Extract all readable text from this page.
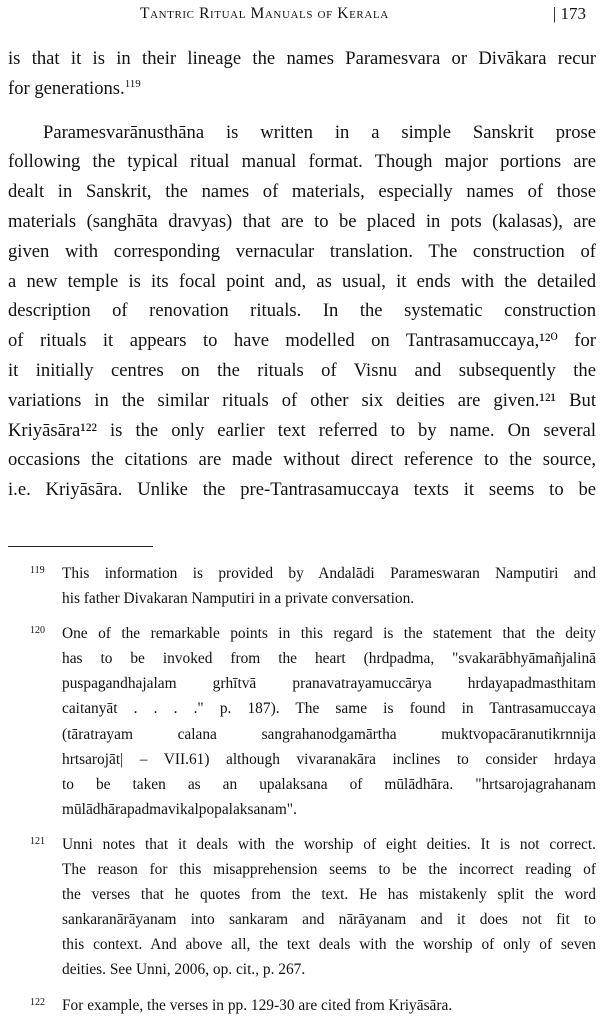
Tantric Ritual Manuals of Kerala	| 173
is that it is in their lineage the names Paramesvara or Divākara recur
for generations.$^{119}$
Paramesvarānusthāna is written in a simple Sanskrit prose
following the typical ritual manual format. Though major portions are
dealt in Sanskrit, the names of materials, especially names of those
materials (sanghāta dravyas) that are to be placed in pots (kalasas), are
given with corresponding vernacular translation. The construction of
a new temple is its focal point and, as usual, it ends with the detailed
description of renovation rituals. In the systematic construction
of rituals it appears to have modelled on Tantrasamuccaya,¹²⁰ for
it initially centres on the rituals of Visnu and subsequently the
variations in the similar rituals of other six deities are given.¹²¹ But
Kriyāsāra¹²² is the only earlier text referred to by name. On several
occasions the citations are made without direct reference to the source,
i.e. Kriyāsāra. Unlike the pre-Tantrasamuccaya texts it seems to be
119 This information is provided by Andalādi Parameswaran Namputiri and
his father Divakaran Namputiri in a private conversation.
120 One of the remarkable points in this regard is the statement that the deity
has to be invoked from the heart (hrdpadma, "svakarābhyāmañjalinā
puspagandhajalam grhītvā pranavatrayamuccārya hrdayapadmasthitam
caitanyāt . . . ." p. 187). The same is found in Tantrasamuccaya
(tāratrayam calana sangrahanodgamārtha muktvopacāranutikrnnija
hrtsarojāt| – VII.61) although vivaranakāra inclines to consider hrdaya
to be taken as an upalaksana of mūlādhāra. "hrtsarojagrahanam
mūlādhārapadmavikalpopalaksanam".
121 Unni notes that it deals with the worship of eight deities. It is not correct.
The reason for this misapprehension seems to be the incorrect reading of
the verses that he quotes from the text. He has mistakenly split the word
sankaranārāyanam into sankaram and nārāyanam and it does not fit to
this context. And above all, the text deals with the worship of only of seven
deities. See Unni, 2006, op. cit., p. 267.
122 For example, the verses in pp. 129-30 are cited from Kriyāsāra.
